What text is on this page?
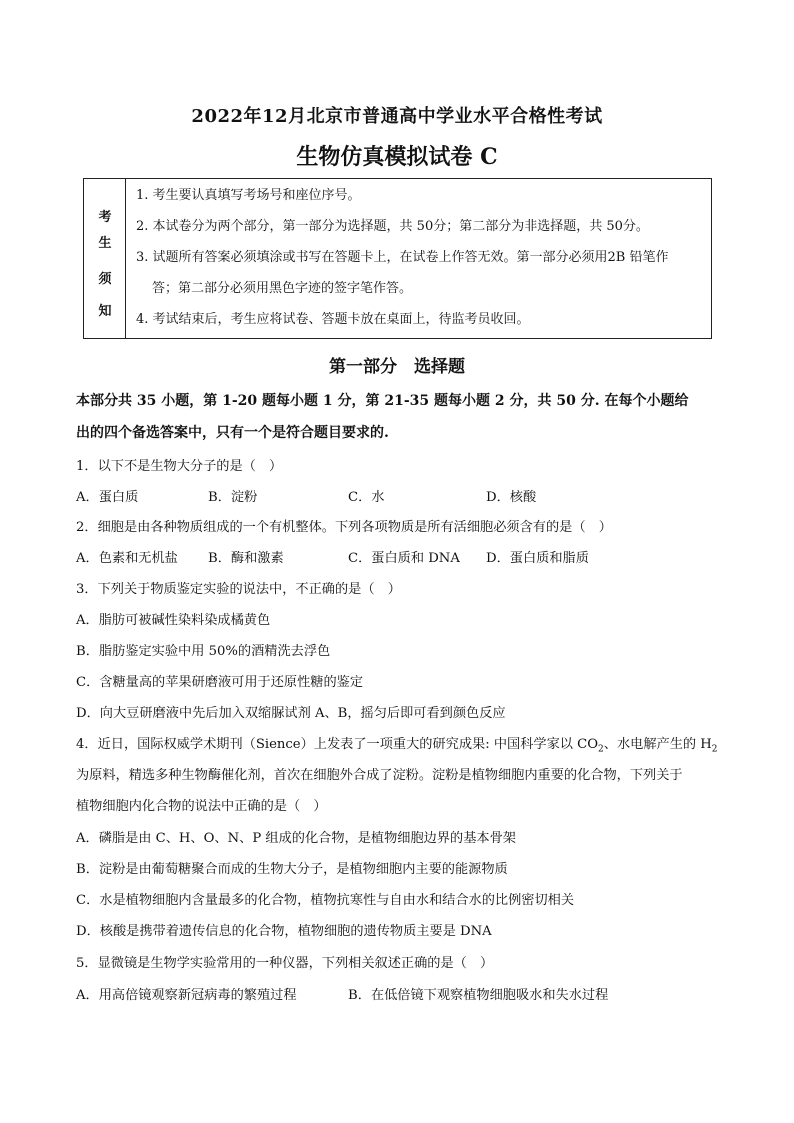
2022年12月北京市普通高中学业水平合格性考试
生物仿真模拟试卷 C
考
生
须
知
1. 考生要认真填写考场号和座位序号。
2. 本试卷分为两个部分，第一部分为选择题，共 50分；第二部分为非选择题，共 50分。
3. 试题所有答案必须填涂或书写在答题卡上，在试卷上作答无效。第一部分必须用2B 铅笔作
答；第二部分必须用黑色字迹的签字笔作答。
4. 考试结束后，考生应将试卷、答题卡放在桌面上，待监考员收回。
第一部分　选择题
本部分共 35 小题，第 1-20 题每小题 1 分，第 21-35 题每小题 2 分，共 50 分. 在每个小题给
出的四个备选答案中，只有一个是符合题目要求的.
1．以下不是生物大分子的是（　）
A．蛋白质	B．淀粉	C．水	D．核酸
2．细胞是由各种物质组成的一个有机整体。下列各项物质是所有活细胞必须含有的是（　）
A．色素和无机盐 B．酶和激素	C．蛋白质和 DNA D．蛋白质和脂质
3．下列关于物质鉴定实验的说法中，不正确的是（　）
A．脂肪可被碱性染料染成橘黄色
B．脂肪鉴定实验中用 50%的酒精洗去浮色
C．含糖量高的苹果研磨液可用于还原性糖的鉴定
D．向大豆研磨液中先后加入双缩脲试剂 A、B，摇匀后即可看到颜色反应
4．近日，国际权威学术期刊（Sience）上发表了一项重大的研究成果: 中国科学家以 $CO_2$、水电解产生的 $H_2$
为原料，精选多种生物酶催化剂，首次在细胞外合成了淀粉。淀粉是植物细胞内重要的化合物，下列关于
植物细胞内化合物的说法中正确的是（　）
A．磷脂是由 C、H、O、N、P 组成的化合物，是植物细胞边界的基本骨架
B．淀粉是由葡萄糖聚合而成的生物大分子，是植物细胞内主要的能源物质
C．水是植物细胞内含量最多的化合物，植物抗寒性与自由水和结合水的比例密切相关
D．核酸是携带着遗传信息的化合物，植物细胞的遗传物质主要是 DNA
5．显微镜是生物学实验常用的一种仪器，下列相关叙述正确的是（　）
A．用高倍镜观察新冠病毒的繁殖过程	B．在低倍镜下观察植物细胞吸水和失水过程
